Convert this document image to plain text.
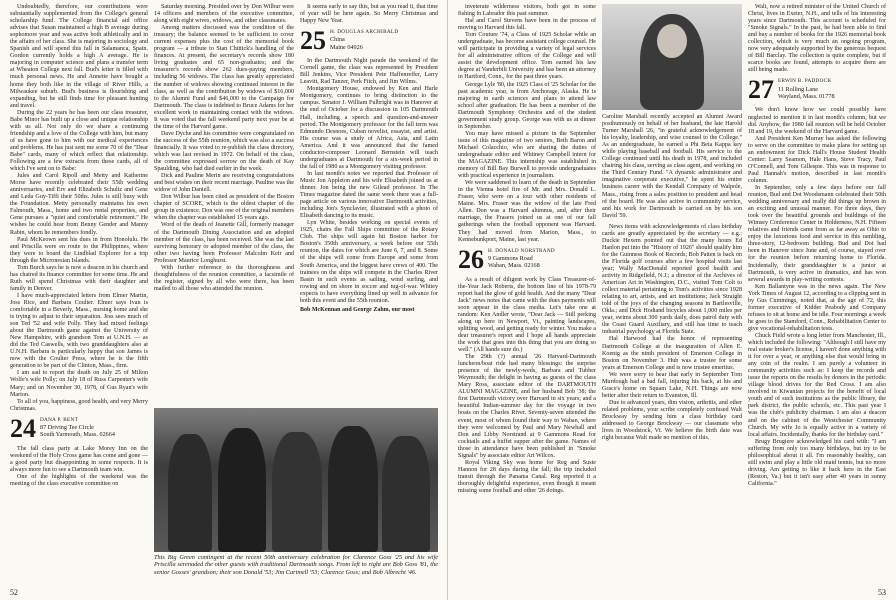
Undoubtedly, therefore, our contributions were substantially supplemented from the College's general scholarship fund. The College financial aid office advises that Susan maintained a high B average during sophomore year and was active both athletically and in the affairs of her class. She is majoring in sociology and Spanish and will spend this fall in Salamanca, Spain. Gordon currently holds a high A average. He is majoring in computer science and plans a transfer term at Wheaton College next fall. Bud's letter is filled with much personal news. He and Annette have bought a home they both like in the village of River Hills, a Milwaukee suburb. Bud's business is flourishing and expanding, but he still finds time for pleasant hunting and travel.

During the 22 years he has been our class treasurer, Babe Minor has built up a close and unique relationship with us all. Not only do we share a continuing friendship and a love of the College with him, but many of us have gone to him with our medical experiences and problems. He has just sent me some 70 of the "Dear Babe" cards, many of which reflect that relationship. Following are a few extracts from these cards, all of which I've sent on to Babe:

Jules and Carol Ripoll and Metty and Katherine Morse have recently celebrated their 55th wedding anniversaries, and Erv and Elizabeth Schultz and Gene and Leda Guy-Tiffi their 50ths. Jules is still busy with the Foundation. Metty personally maintains his own Falmouth, Mass., home and two rental properties, and Gene pursues a "quiet and comfortable retirement." He wishes he could hear from Benny Gender and Manny Rabin, whom he remembers fondly.

Paul McKeown sent his dues in from Honolulu. He and Priscilla were en route to the Philippines, where they were to board the Lindblad Explorer for a trip through the Micronesian Islands.

Tom Burch says he is now a deacon in his church and has chaired its finance committee for some time. He and Ruth will spend Christmas with their daughter and family in Denver.

I have much-appreciated letters from Elmer Martin, Joss Rice, and Barbara Coulter. Elmer says Ivan is comfortable in a Beverly, Mass., nursing home and she is trying to adjust to their separation. Jess sees much of son Ted '52 and wife Polly. They had mixed feelings about the Dartmouth game against the University of New Hampshire, with grandson Tom at U.N.H. — as did the Ted Caswells, with two granddaughters also at U.N.H. Barbara is particularly happy that son James is now with the Coulter Press, where he is the fifth generation to be part of the Clinton, Mass., firm.

I am sad to report the death on July 25 of Milton Wolfe's wife Polly; on July 18 of Russ Carpenter's wife Mary; and on November 30, 1978, of Gus Ryan's wife Marion.

To all of you, happiness, good health, and very Merry Christmas.

24 DANA P. BENT
87 Driving Tee Circle
South Yarmouth, Mass. 02664

The fall class party at Lake Morey Inn on the weekend of the Holy Cross game has come and gone — a good party but disappointing in some respects. It is always more fun to see a Dartmouth team win.

One of the highlights of the weekend was the meeting of the class executive committee on

Saturday morning. Presided over by Don Wilbur were 14 officers and members of the executive committee, along with eight wives, widows, and other classmates.

Among matters discussed was the condition of the treasury; the balance seemed to be sufficient to cover current expenses plus the cost of the memorial book program — a tribute to Stan Chittick's handling of the finances. At present, the secretary's records show 180 living graduates and 65 non-graduates; and the treasurer's records show 262 dues-paying members, including 56 widows. The class has greatly appreciated the number of widows showing continued interest in the class, as well as the contribution by widows of $16,000 to the Alumni Fund and $46,000 to the Campaign for Dartmouth. The class is indebted to Bruce Adams for her excellent work in maintaining contact with the widows. It was voted that the fall weekend party next year be at the time of the Harvard game.

Dave Dyche and his committee were congratulated on the success of the 55th reunion, which was also a success financially. It was voted to re-publish the class directory, which was last revised in 1972. On behalf of the class, the committee expressed sorrow on the death of Kay Spaulding, who had died earlier in the week.

Dick and Pauline Merin are receiving congratulations and best wishes on their recent marriage. Pauline was the widow of John Daniell.

Don Wilbur has been cited as president of the Boston chapter of SCORE, which is the oldest chapter of the group in existence. Don was one of the original members when the chapter was established 15 years ago.

Word of the death of Jeanette Gill, formerly manager of the Dartmouth Dining Association and an adopted member of the class, has been received. She was the last surviving honorary or adopted member of the class, the other two having been Professor Malcolm Keir and Professor Maurice Longhurst.

With further reference to the thoroughness and thoughtfulness of the reunion committee, a facsimile of the register, signed by all who were there, has been mailed to all those who attended the reunion.

It seems early to say this, but as you read it, that time of year will be here again. So Merry Christmas and Happy New Year.

25 H. DOUGLAS ARCHIBALD
China
Maine 04926

In the Dartmouth Night parade the weekend of the Cornell game, the class was represented by President Bill Jenkins, Vice President Pete Haffenreffer, Larry Leavitt, Rad Tanzer, Perk Fitch, and Jim Wilms.

Montgomery House, endowed by Ken and Harle Montgomery, continues to bring distinction to the campus. Senator J. William Fulbright was in Hanover at the end of October for a discussion in 105 Dartmouth Hall, including a speech and question-and-answer period. The Montgomery professor for the fall term was Edmundo Desnoes, Cuban novelist, essayist, and artist. His course was a study of Africa, Asia, and Latin America. And it was announced that the famed conductor-composer Leonard Bernstein will teach undergraduates at Dartmouth for a six-week period in the fall of 1980 as a Montgomery visiting professor.

In last month's notes we reported that Professor of Music Jon Appleton and his wife Elisabeth joined us at dinner. Jon being the new Gilead professor. In The Times magazine dated the same week there was a full-page article on various innovative Dartmouth activities, including Jon's Synclavier, illustrated with a photo of Elisabeth dancing to its music.

Lyn White, besides working on special events of 1925, chairs the Fall Ships committee of the Rotary Club. The ships will again hit Boston harbor for Boston's 350th anniversary, a week before our 55th reunion, the dates for which are June 6, 7, and 8. Some of the ships will come from Europe and some from South America, and the biggest have crews of 400. The trainees on the ships will compete in the Charles River Basin in such events as sailing, wind surfing, and rowing and on shore in soccer and tug-of-war. Whitey expects to have everything lined up well in advance for both this event and the 55th reunion.

Bob McKennan and George Zahm, our most
This Big Green contingent at the recent 50th anniversary celebration for Clarence Goss '25 and his wife Priscilla serenaded the other guests with traditional Dartmouth songs. From left to right are Bob Goss '81, the senior Gosses' grandson; their son Donald '53; Jim Cartmell '53; Clarence Goss; and Bob Albrecht '46.
52

inveterate wilderness visitors, both got in some fishing in Labrador this past summer.

Hal and Carol Stevens have been in the process of moving to Harvard this fall.

Tom Couture '74, a Class of 1925 Scholar while an undergraduate, has become assistant college counsel. He will participate in providing a variety of legal services for all administrative offices of the College and will assist the development office. Tom earned his law degree at Vanderbilt University and has been an attorney in Hartford, Conn., for the past three years.

George Lyle '80, the 1925 Class of '25 Scholar for the past academic year, is from Anchorage, Alaska. He is majoring in earth sciences and plans to attend law school after graduation. He has been a member of the Dartmouth Symphony Orchestra and of the student government study group. George was with us at dinner in September.

You may have missed a picture in the September issue of this magazine of two seniors, Beth Baron and Michael Colacchio, who are sharing the duties of undergraduate editor and Whitney Campbell intern for the MAGAZINE. This internship was established in memory of Bill Bay Burwell to provide undergraduates with practical experience in journalism.

We were saddened to learn of the death in September in the Vienna hotel fire of Mr. and Mrs. Donald L. Fraser, who were on a tour with other residents of Maine. Mrs. Fraser was the widow of the late Fred Allen. Don was a Harvard alumnus, and, after their marriage, the Frasers joined us at one of our fall gatherings when the football opponent was Harvard. They had moved from Marion, Mass., to Kennebunkport, Maine, last year.

26 H. DONALD NORSTRAND
9 Gammons Road
Waban, Mass. 02168

As a result of diligent work by Class Treasurer-of-the-Year Jack Roberts, the bottom line of his 1978-79 report had the glow of gold health. And the many "Dear Jack" news notes that came with the dues payments will soon appear in the class media. Let's take one at random: Ken Andler wrote, "Dear Jack — Still perking along up here in Newport, Vt., painting landscapes, splitting wood, and getting ready for winter. You make a dear treasurer's report and I hope all hands appreciate the work that goes into this thing that you are doing so well." (All hands sure do.)

The 29th (?) annual '26 Harvard-Dartmouth luncheon/boat ride had many blessings: the surprise presence of the newly-weds, Barbara and Tubber Weymouth; the delight in having as guests of the class Mary Ross, associate editor of the DARTMOUTH ALUMNI MAGAZINE, and her husband Bob '38; the first Dartmouth victory over Harvard in six years; and a beautiful Indian-summer day for the voyage in two boats on the Charles River. Seventy-seven attended the event, most of whom found their way to Waban, where they were welcomed by Paul and Mary Newhall and Don and Libby Norstrand at 9 Gammons Road for cocktails and a buffet supper after the game. Names of those in attendance have been published in "Smoke Signals" by associate editor Art Wilcox.

Royal Viking Sky was home for Reg and Susie Hannon for 28 days during the fall; the trip included transit through the Panama Canal. Reg reported it a thoroughly delightful experience, even though it meant missing some football and other '26 doings.

Caroline Marshall recently accepted an Alumni Award posthumously on behalf of her husband, the late Harold Turner Marshall '26, "in grateful acknowledgement of his loyalty, leadership, and wise counsel to the College." As an undergraduate, he earned a Phi Beta Kappa key while playing baseball and football. His service to the College continued until his death in 1978, and included chairing his class, serving as class agent, and working on the Third Century Fund. "A dynamic administrator and imaginative corporate executive," he spent his entire business career with the Kendall Company of Walpole, Mass., rising from a sales position to president and head of the board. He was also active in community service, and his work for Dartmouth is carried on by his son David '59.

News items with acknowledgements of class birthday cards are greatly appreciated by the secretary — e.g.: Duckie Hexem pointed out that the many hours Ed Hanlon put into the "History of 1926" should qualify him for the Guinness Book of Records; Bob Patten is back on the Florida golf courses after a few hospital visits last year; Wally MacDonald reported good health and activity in Ridgefield, N.J.; a director of the Archives of American Art in Washington, D.C., visited Tom Colt to collect material pertaining to Tom's activities since 1928 relating to art, artists, and art institutions; Jack Straight told of the joys of the changing seasons in Bartlesville, Okla.; and Dick Hodiand bicycles about 1,000 miles per year, swims about 300 yards daily, does patrol duty with the Coast Guard Auxiliary, and still has time to teach industrial psychology at Florida State.

Hal Harwood had the honor of representing Dartmouth College at the inauguration of Allen E. Koenig as the ninth president of Emerson College in Boston on November 3. Hub was a trustee for some years at Emerson College and is now trustee emeritus.

We were sorry to hear that early in September Tom Murdough had a bad fall, injuring his back, at his and Grace's home on Squam Lake, N.H. Things are now better after their return to Evanston, Ill.

Due to advanced years, dim vision, arthritis, and other related problems, your scribe completely confused Walt Brockway by sending him a class birthday card addressed to George Brockway — our classmate who lives in Woodstock, Vt. We believe the birth date was right because Walt made no mention of this.

Walt, now a retired minister of the United Church of Christ, lives in Exeter, N.H., and tells of his interesting years since Dartmouth. This account is scheduled for "Smoke Signals." In the past, he had been able to find and buy a number of books for the 1926 memorial book collection, which is very much an ongoing program, now very adequately supported by the generous bequest of Bill Barclay. The collection is quite complete, but if scarce books are found, attempts to acquire them are still being made.

27 ERWIN B. PADDOCK
11 Rolling Lane
Wayland, Mass. 01778

We don't know how we could possibly have neglected to mention it in last month's column, but we did. Anyhow, the 1980 fall reunion will be held October 18 and 19, the weekend of the Harvard game.

And President Ken Murray has asked the following to serve on the committee to make plans for setting up an endowment for Dick Hall's House Student Health Center: Larry Seamon, Hale Hans, Steve Tracy, Paul O'Connell, and Tom Gillespie. This was in response to Paul Hannah's motion, described in last month's column.

In September, only a few days before our fall reunion, Bud and Dot Woodsmann celebrated their 50th wedding anniversary and really did things up brown in an exciting and unusual manner. For three days, they took over the beautiful grounds and buildings of the Wimsey Conference Center in Holderness, N.H. Fifteen relatives and friends came from as far away as Ohio to enjoy the luxurious food and service in this rambling, three-story, 12-bedroom building. Bud and Dot had been in Hanover since June and, of course, stayed over for the reunion before returning home to Florida. Incidentally, their granddaughter is a junior at Dartmouth, is very active in dramatics, and has won several awards in play-writing contests.

Ken Ballantyne was in the news again. The New York Times of August 12, according to a clipping sent in by Gus Cummings, noted that, at the age of 72, this former executive of Kidder Peabody and Company refuses to sit at home and be idle. Four mornings a week he goes to the Stamford, Conn., Rehabilitation Center to give vocational-rehabilitation tests.

Chuck Field wrote a long letter from Manchester, Ill., which included the following: "Although I still have my real estate broker's license, I haven't done anything with it for over a year, or anything else that would bring in any coin of the realm. I am purely a volunteer in community activities such as: I keep the records and issue the reports on the results by donors in the periodic village blood drives for the Red Cross. I am also involved in Kiwanian projects for the benefit of local youth and of such institutions as the public library, the park district, the public schools, etc. This past year I was the club's publicity chairman. I am also a deacon and on the cabinet of the Westchester Community Church. My wife Jo is equally active in a variety of local affairs. Incidentally, thanks for the birthday card."

Brugy Brugiere acknowledged his card with: "I am suffering from only too many birthdays, but try to be philosophical about it all. I'm reasonably healthy, can still swim and play a little old maid tennis, but no more driving. Am getting to like it back here in the East (Reston, Va.) but it isn't easy after 40 years in sunny California."

53
